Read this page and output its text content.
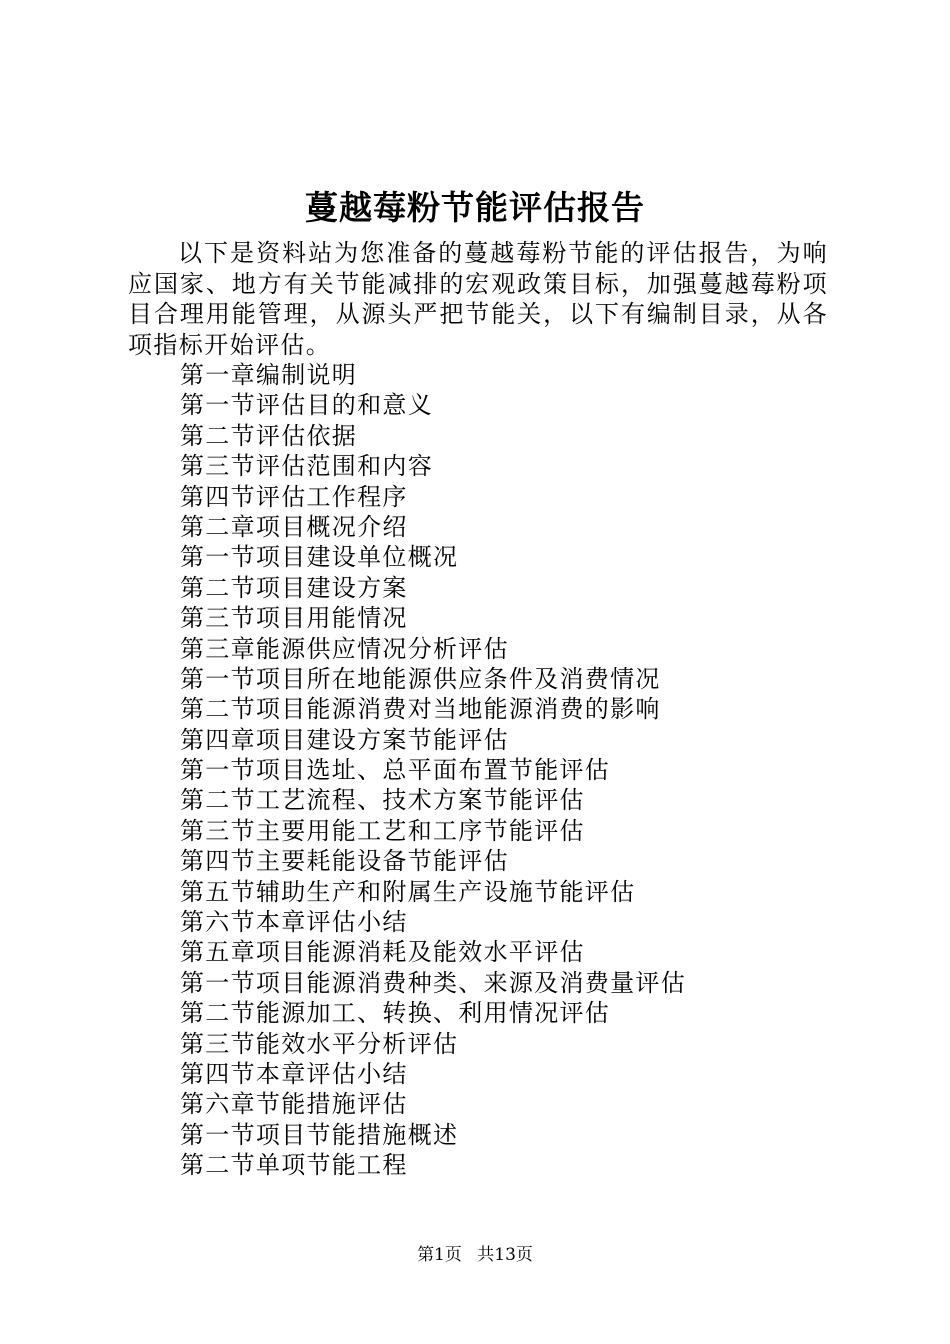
蔓越莓粉节能评估报告

以下是资料站为您准备的蔓越莓粉节能的评估报告，为响应国家、地方有关节能减排的宏观政策目标，加强蔓越莓粉项目合理用能管理，从源头严把节能关，以下有编制目录，从各项指标开始评估。

第一章编制说明
第一节评估目的和意义
第二节评估依据
第三节评估范围和内容
第四节评估工作程序
第二章项目概况介绍
第一节项目建设单位概况
第二节项目建设方案
第三节项目用能情况
第三章能源供应情况分析评估
第一节项目所在地能源供应条件及消费情况
第二节项目能源消费对当地能源消费的影响
第四章项目建设方案节能评估
第一节项目选址、总平面布置节能评估
第二节工艺流程、技术方案节能评估
第三节主要用能工艺和工序节能评估
第四节主要耗能设备节能评估
第五节辅助生产和附属生产设施节能评估
第六节本章评估小结
第五章项目能源消耗及能效水平评估
第一节项目能源消费种类、来源及消费量评估
第二节能源加工、转换、利用情况评估
第三节能效水平分析评估
第四节本章评估小结
第六章节能措施评估
第一节项目节能措施概述
第二节单项节能工程
第1页 共13页
